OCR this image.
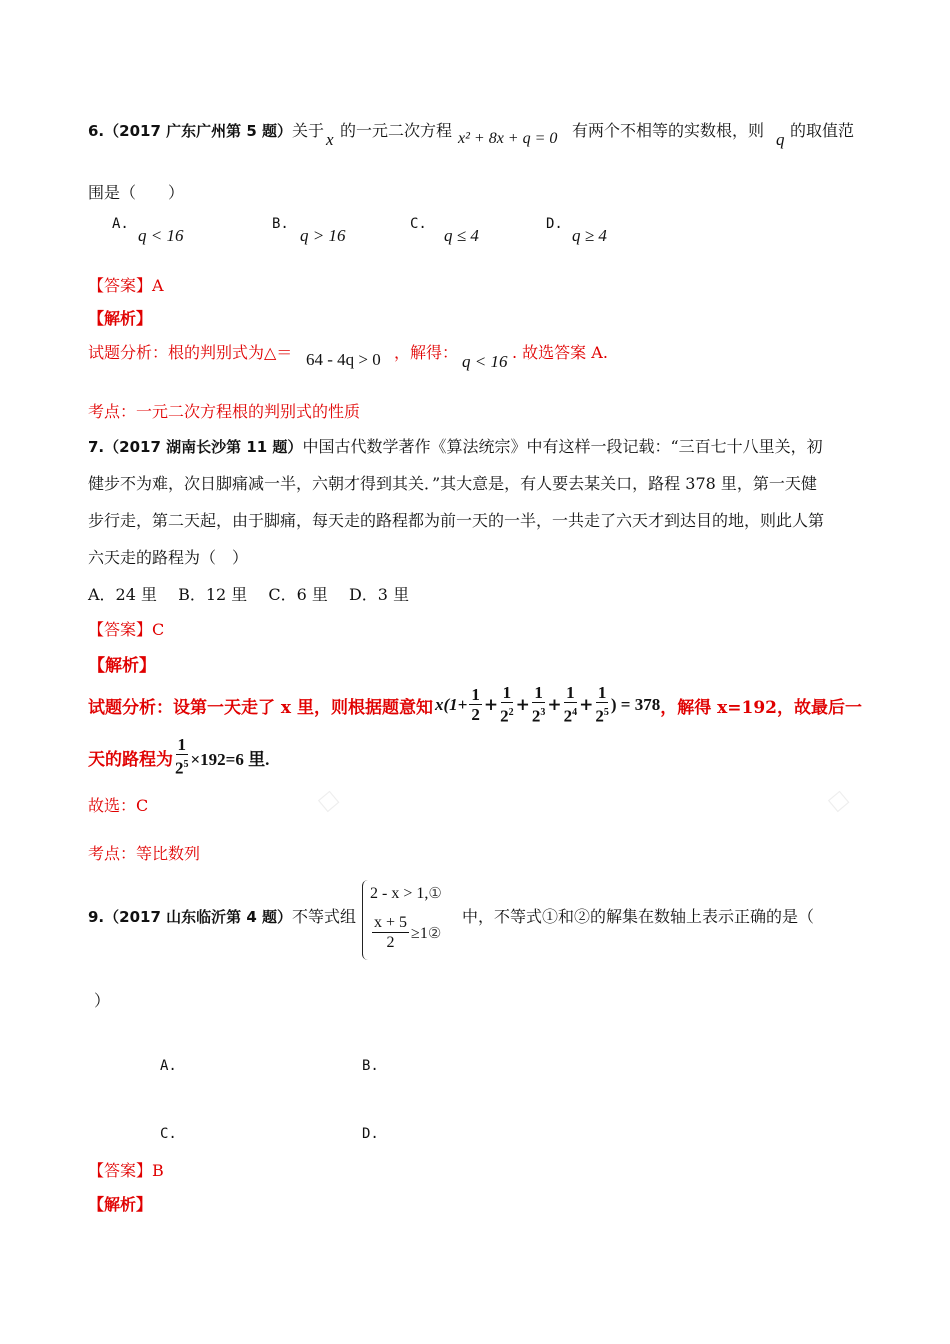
6.（2017 广东广州第 5 题）关于 x 的一元二次方程 x² + 8x + q = 0 有两个不相等的实数根，则 q 的取值范
围是（　　）
A.
q < 16
B.
q > 16
C.
q ≤ 4
D.
q ≥ 4
【答案】A
【解析】
试题分析：根的判别式为△＝ 64 - 4q > 0 ，解得： q < 16 . 故选答案 A.
考点：一元二次方程根的判别式的性质
7.（2017 湖南长沙第 11 题）中国古代数学著作《算法统宗》中有这样一段记载：“三百七十八里关，初
健步不为难，次日脚痛减一半，六朝才得到其关．”其大意是，有人要去某关口，路程 378 里，第一天健
步行走，第二天起，由于脚痛，每天走的路程都为前一天的一半，一共走了六天才到达目的地，则此人第
六天走的路程为（　）
A．24 里　 B．12 里　 C．6 里　 D．3 里
【答案】C
【解析】
试题分析：设第一天走了 x 里，则根据题意知 $x(1+ \frac{1}{2} + \frac{1}{2^2} + \frac{1}{2^3} + \frac{1}{2^4} + \frac{1}{2^5}$ ) = 378 ，解得 x=192，故最后一
天的路程为 $\frac{1}{2^5} \times 192=6$ 里.
故选：C
考点：等比数列
9.（2017 山东临沂第 4 题）不等式组
2 - x > 1,①
$\frac{x + 5}{2} \ge 1$ ②
中，不等式①和②的解集在数轴上表示正确的是（
）
A.	B.
C.	D.
【答案】B
【解析】
□	□
